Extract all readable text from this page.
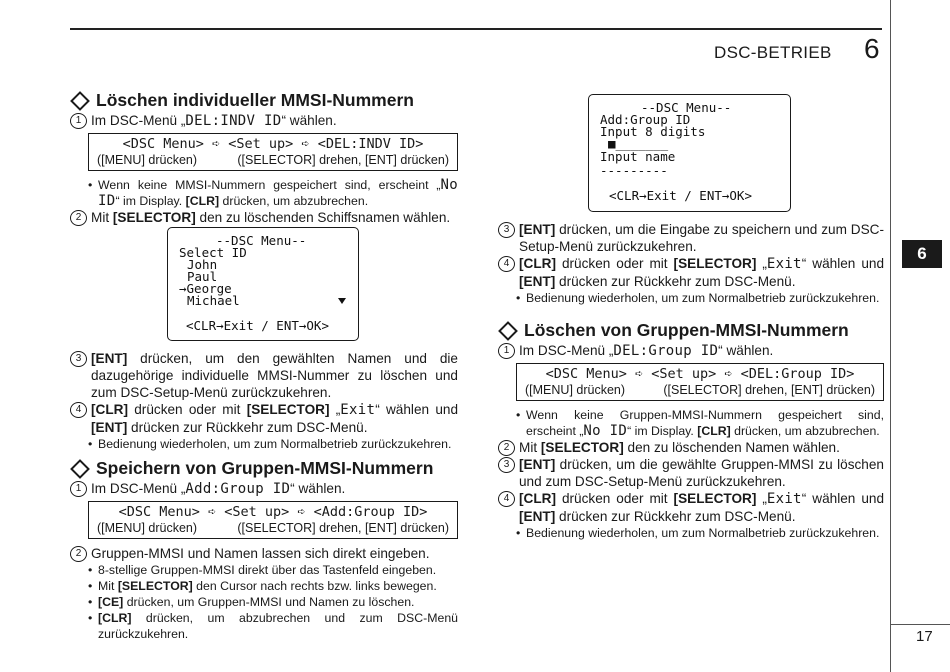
DSC-BETRIEB 6
6
17
Löschen individueller MMSI-Nummern
1 Im DSC-Menü „DEL:INDV ID“ wählen.
<DSC Menu> ➪ <Set up> ➪ <DEL:INDV ID>
([MENU] drücken)	([SELECTOR] drehen, [ENT] drücken)
• Wenn keine MMSI-Nummern gespeichert sind, erscheint „No ID“ im Display. [CLR] drücken, um abzubrechen.
2 Mit [SELECTOR] den zu löschenden Schiffsnamen wählen.
3 [ENT] drücken, um den gewählten Namen und die dazugehörige individuelle MMSI-Nummer zu löschen und zum DSC-Setup-Menü zurückzukehren.
4 [CLR] drücken oder mit [SELECTOR] „Exit“ wählen und [ENT] drücken zur Rückkehr zum DSC-Menü.
• Bedienung wiederholen, um zum Normalbetrieb zurückzukehren.
Speichern von Gruppen-MMSI-Nummern
1 Im DSC-Menü „Add:Group ID“ wählen.
<DSC Menu> ➪ <Set up> ➪ <Add:Group ID>
([MENU] drücken)	([SELECTOR] drehen, [ENT] drücken)
2 Gruppen-MMSI und Namen lassen sich direkt eingeben.
• 8-stellige Gruppen-MMSI direkt über das Tastenfeld eingeben.
• Mit [SELECTOR] den Cursor nach rechts bzw. links bewegen.
• [CE] drücken, um Gruppen-MMSI und Namen zu löschen.
• [CLR] drücken, um abzubrechen und zum DSC-Menü zurückzukehren.

--DSC Menu--

Select ID

John

Paul

→George

Michael

<CLR→Exit / ENT→OK>

--DSC Menu--

Add:Group ID

Input 8 digits

■_______

Input name

---------

<CLR→Exit / ENT→OK>

3 [ENT] drücken, um die Eingabe zu speichern und zum DSC-Setup-Menü zurückzukehren.
4 [CLR] drücken oder mit [SELECTOR] „Exit“ wählen und [ENT] drücken zur Rückkehr zum DSC-Menü.
• Bedienung wiederholen, um zum Normalbetrieb zurückzukehren.
Löschen von Gruppen-MMSI-Nummern
1 Im DSC-Menü „DEL:Group ID“ wählen.
<DSC Menu> ➪ <Set up> ➪ <DEL:Group ID>
([MENU] drücken)	([SELECTOR] drehen, [ENT] drücken)
• Wenn keine Gruppen-MMSI-Nummern gespeichert sind, erscheint „No ID“ im Display. [CLR] drücken, um abzubrechen.
2 Mit [SELECTOR] den zu löschenden Namen wählen.
3 [ENT] drücken, um die gewählte Gruppen-MMSI zu löschen und zum DSC-Setup-Menü zurückzukehren.
4 [CLR] drücken oder mit [SELECTOR] „Exit“ wählen und [ENT] drücken zur Rückkehr zum DSC-Menü.
• Bedienung wiederholen, um zum Normalbetrieb zurückzukehren.
